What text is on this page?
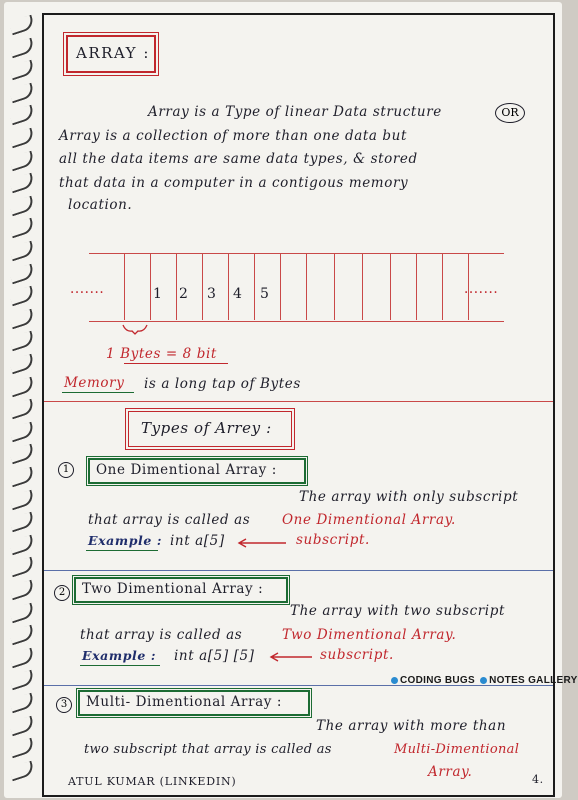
ARRAY :
Array is a Type of linear Data structure	OR
Array is a collection of more than one data but
all the data items are same data types, & stored
that data in a computer in a contigous memory
location.
.......	.......
1 2 3 4 5
1 Bytes = 8 bit
Memory is a long tap of Bytes
Types of Arrey :
1	One Dimentional Array :
The array with only subscript
that array is called as One Dimentional Array.
Example : int a[5]	subscript.
2	Two Dimentional Array :
The array with two subscript
that array is called as	Two Dimentional Array.
Example : int a[5] [5]	subscript.
CODING BUGS NOTES GALLERY
3	Multi- Dimentional Array :
The array with more than
two subscript that array is called as	Multi-Dimentional
Array.
ATUL KUMAR (LINKEDIN)	4.
